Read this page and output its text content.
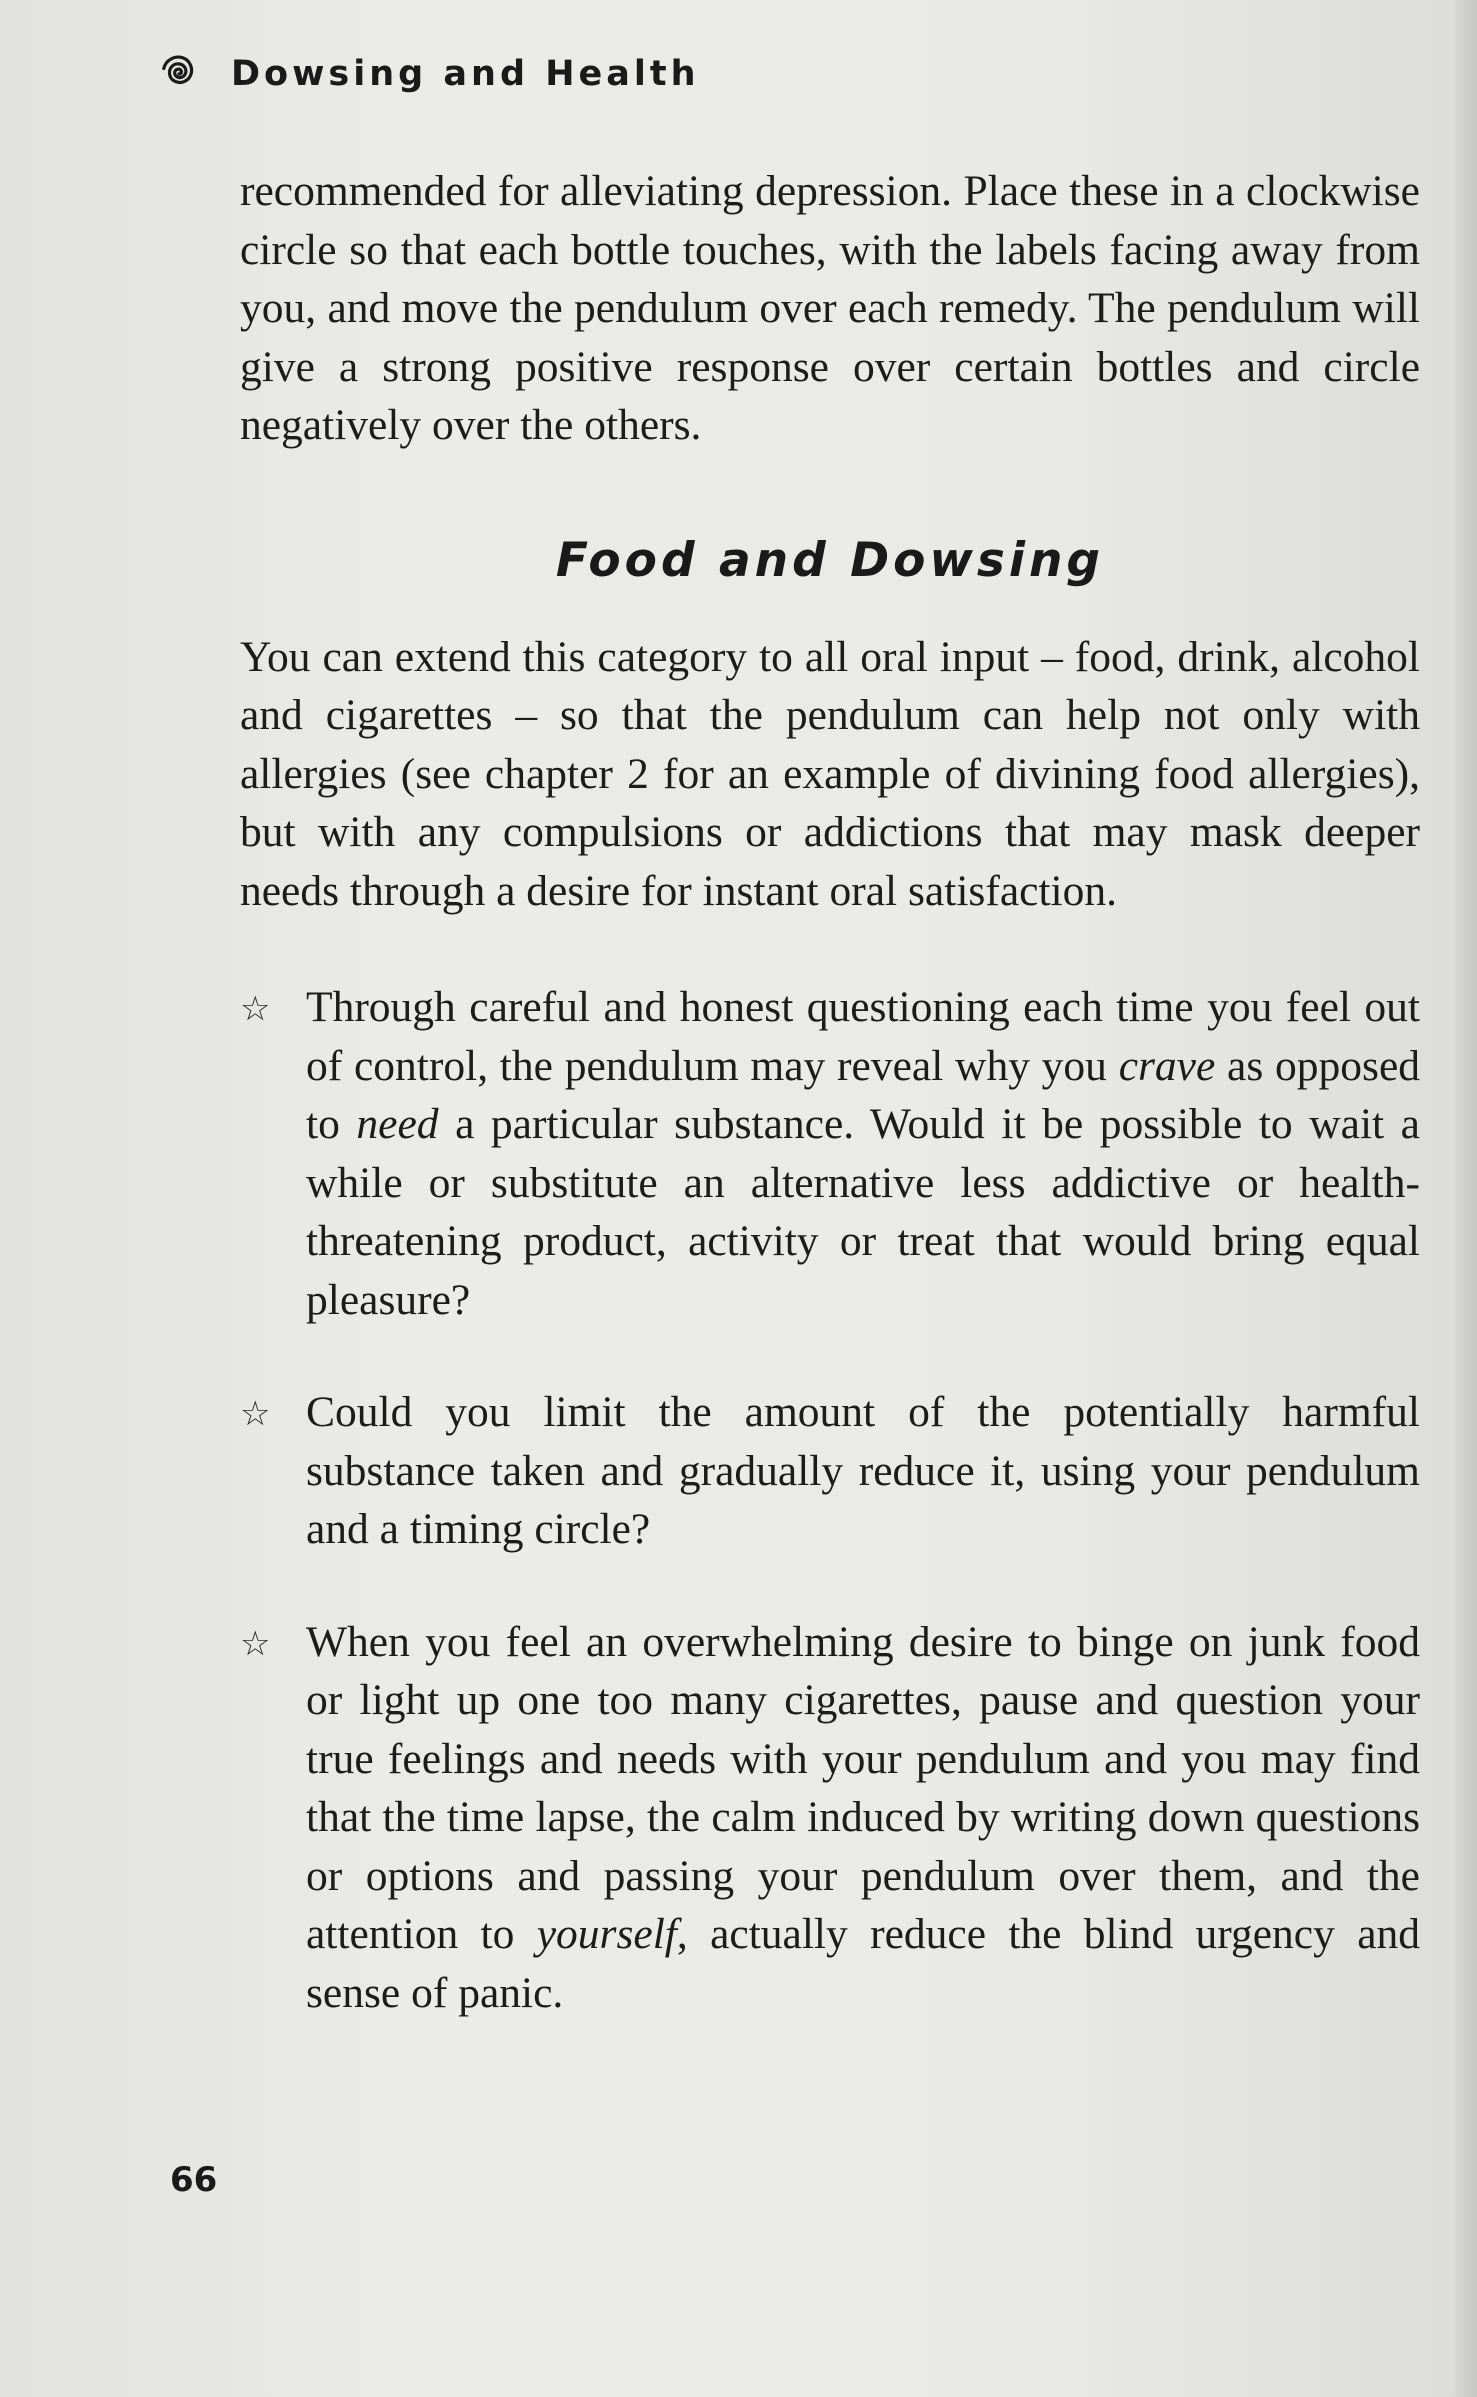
Dowsing and Health

recommended for alleviating depression. Place these in a clockwise circle so that each bottle touches, with the labels facing away from you, and move the pendulum over each remedy. The pendulum will give a strong positive response over certain bottles and circle negatively over the others.

Food and Dowsing

You can extend this category to all oral input – food, drink, alcohol and cigarettes – so that the pendulum can help not only with allergies (see chapter 2 for an example of divining food allergies), but with any compulsions or addictions that may mask deeper needs through a desire for instant oral satisfaction.

☆ Through careful and honest questioning each time you feel out of control, the pendulum may reveal why you crave as opposed to need a particular substance. Would it be possible to wait a while or substitute an alternative less addictive or health-threatening product, activity or treat that would bring equal pleasure?

☆ Could you limit the amount of the potentially harmful substance taken and gradually reduce it, using your pendulum and a timing circle?

☆ When you feel an overwhelming desire to binge on junk food or light up one too many cigarettes, pause and question your true feelings and needs with your pendulum and you may find that the time lapse, the calm induced by writing down questions or options and passing your pendulum over them, and the attention to yourself, actually reduce the blind urgency and sense of panic.

66
